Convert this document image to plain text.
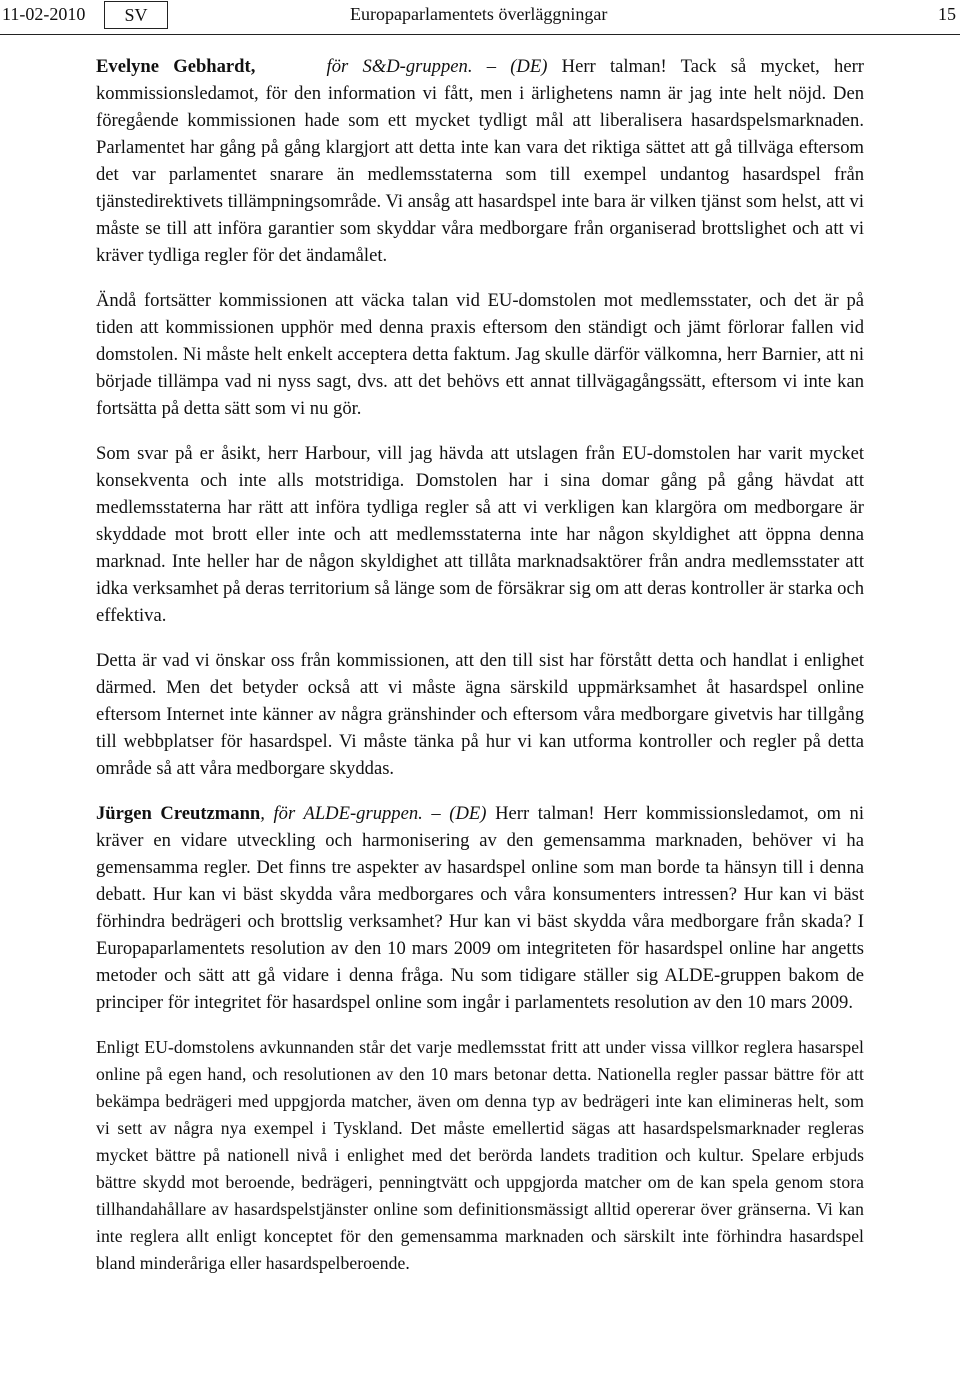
11-02-2010	SV	Europaparlamentets överläggningar	15

Evelyne Gebhardt,	för S&D-gruppen. – (DE) Herr talman! Tack så mycket, herr kommissionsledamot, för den information vi fått, men i ärlighetens namn är jag inte helt nöjd. Den föregående kommissionen hade som ett mycket tydligt mål att liberalisera hasardspelsmarknaden. Parlamentet har gång på gång klargjort att detta inte kan vara det riktiga sättet att gå tillväga eftersom det var parlamentet snarare än medlemsstaterna som till exempel undantog hasardspel från tjänstedirektivets tillämpningsområde. Vi ansåg att hasardspel inte bara är vilken tjänst som helst, att vi måste se till att införa garantier som skyddar våra medborgare från organiserad brottslighet och att vi kräver tydliga regler för det ändamålet.

Ändå fortsätter kommissionen att väcka talan vid EU-domstolen mot medlemsstater, och det är på tiden att kommissionen upphör med denna praxis eftersom den ständigt och jämt förlorar fallen vid domstolen. Ni måste helt enkelt acceptera detta faktum. Jag skulle därför välkomna, herr Barnier, att ni började tillämpa vad ni nyss sagt, dvs. att det behövs ett annat tillvägagångssätt, eftersom vi inte kan fortsätta på detta sätt som vi nu gör.

Som svar på er åsikt, herr Harbour, vill jag hävda att utslagen från EU-domstolen har varit mycket konsekventa och inte alls motstridiga. Domstolen har i sina domar gång på gång hävdat att medlemsstaterna har rätt att införa tydliga regler så att vi verkligen kan klargöra om medborgare är skyddade mot brott eller inte och att medlemsstaterna inte har någon skyldighet att öppna denna marknad. Inte heller har de någon skyldighet att tillåta marknadsaktörer från andra medlemsstater att idka verksamhet på deras territorium så länge som de försäkrar sig om att deras kontroller är starka och effektiva.

Detta är vad vi önskar oss från kommissionen, att den till sist har förstått detta och handlat i enlighet därmed. Men det betyder också att vi måste ägna särskild uppmärksamhet åt hasardspel online eftersom Internet inte känner av några gränshinder och eftersom våra medborgare givetvis har tillgång till webbplatser för hasardspel. Vi måste tänka på hur vi kan utforma kontroller och regler på detta område så att våra medborgare skyddas.

Jürgen Creutzmann, för ALDE-gruppen. – (DE) Herr talman! Herr kommissionsledamot, om ni kräver en vidare utveckling och harmonisering av den gemensamma marknaden, behöver vi ha gemensamma regler. Det finns tre aspekter av hasardspel online som man borde ta hänsyn till i denna debatt. Hur kan vi bäst skydda våra medborgares och våra konsumenters intressen? Hur kan vi bäst förhindra bedrägeri och brottslig verksamhet? Hur kan vi bäst skydda våra medborgare från skada? I Europaparlamentets resolution av den 10 mars 2009 om integriteten för hasardspel online har angetts metoder och sätt att gå vidare i denna fråga. Nu som tidigare ställer sig ALDE-gruppen bakom de principer för integritet för hasardspel online som ingår i parlamentets resolution av den 10 mars 2009.

Enligt EU-domstolens avkunnanden står det varje medlemsstat fritt att under vissa villkor reglera hasarspel online på egen hand, och resolutionen av den 10 mars betonar detta. Nationella regler passar bättre för att bekämpa bedrägeri med uppgjorda matcher, även om denna typ av bedrägeri inte kan elimineras helt, som vi sett av några nya exempel i Tyskland. Det måste emellertid sägas att hasardspelsmarknader regleras mycket bättre på nationell nivå i enlighet med det berörda landets tradition och kultur. Spelare erbjuds bättre skydd mot beroende, bedrägeri, penningtvätt och uppgjorda matcher om de kan spela genom stora tillhandahållare av hasardspelstjänster online som definitionsmässigt alltid opererar över gränserna. Vi kan inte reglera allt enligt konceptet för den gemensamma marknaden och särskilt inte förhindra hasardspel bland minderåriga eller hasardspelberoende.
